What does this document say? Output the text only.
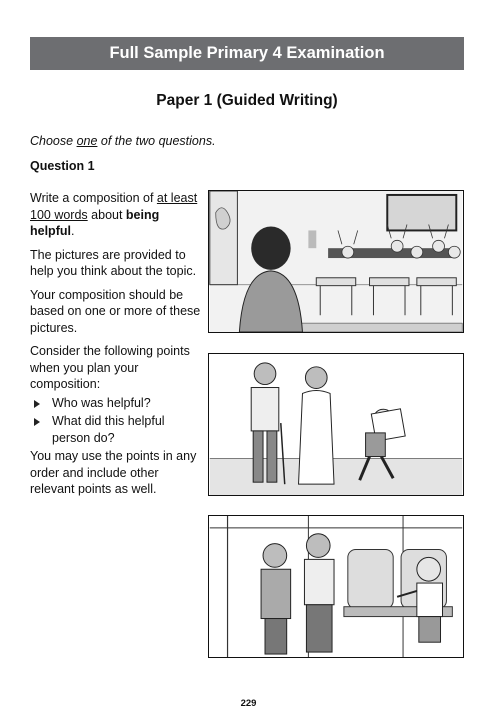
Full Sample Primary 4 Examination
Paper 1 (Guided Writing)
Choose one of the two questions.
Question 1

Write a composition of at least 100 words about being helpful.

The pictures are provided to help you think about the topic.

Your composition should be based on one or more of these pictures.

Consider the following points when you plan your composition:

Who was helpful?
What did this helpful person do?

You may use the points in any order and include other relevant points as well.

229
